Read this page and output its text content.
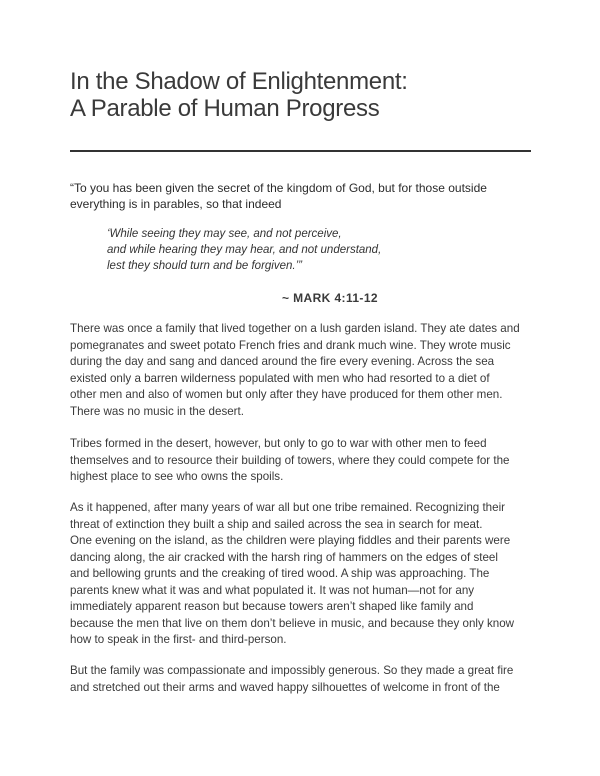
In the Shadow of Enlightenment:
A Parable of Human Progress

“To you has been given the secret of the kingdom of God, but for those outside everything is in parables, so that indeed

‘While seeing they may see, and not perceive,
and while hearing they may hear, and not understand,
lest they should turn and be forgiven.’”

~ MARK 4:11-12

There was once a family that lived together on a lush garden island. They ate dates and
pomegranates and sweet potato French fries and drank much wine. They wrote music
during the day and sang and danced around the fire every evening. Across the sea
existed only a barren wilderness populated with men who had resorted to a diet of
other men and also of women but only after they have produced for them other men.
There was no music in the desert.

Tribes formed in the desert, however, but only to go to war with other men to feed
themselves and to resource their building of towers, where they could compete for the
highest place to see who owns the spoils.

As it happened, after many years of war all but one tribe remained. Recognizing their
threat of extinction they built a ship and sailed across the sea in search for meat.
One evening on the island, as the children were playing fiddles and their parents were
dancing along, the air cracked with the harsh ring of hammers on the edges of steel
and bellowing grunts and the creaking of tired wood. A ship was approaching. The
parents knew what it was and what populated it. It was not human—not for any
immediately apparent reason but because towers aren’t shaped like family and
because the men that live on them don’t believe in music, and because they only know
how to speak in the first- and third-person.

But the family was compassionate and impossibly generous. So they made a great fire
and stretched out their arms and waved happy silhouettes of welcome in front of the
